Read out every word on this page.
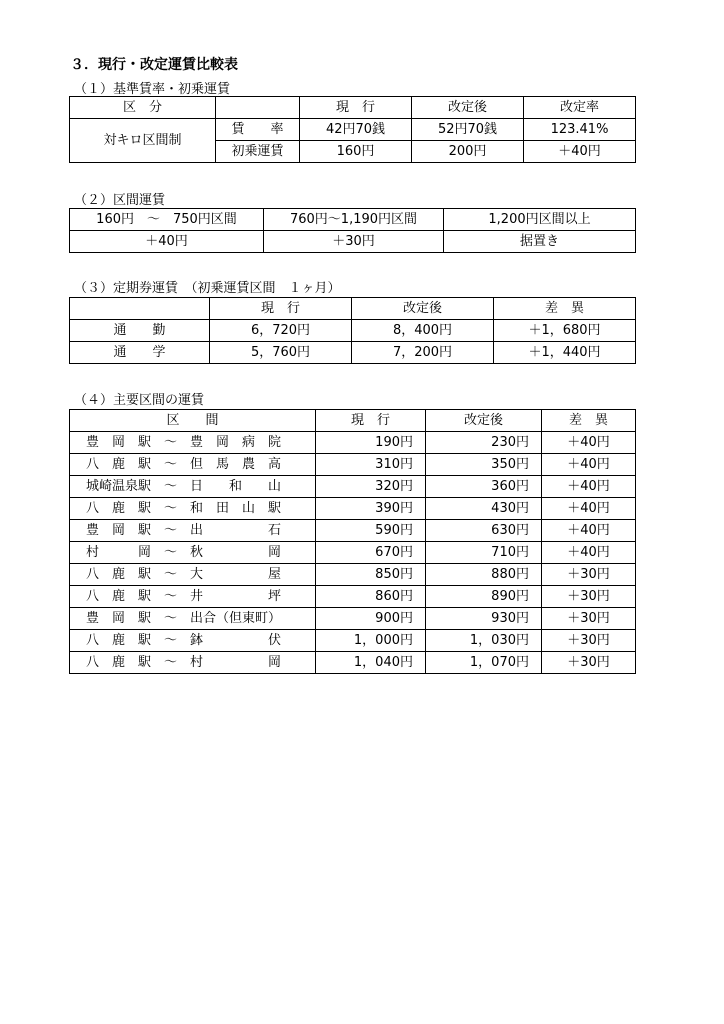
３．現行・改定運賃比較表
（１）基準賃率・初乗運賃
区　分		現　行	改定後	改定率
対キロ区間制	賃　　率	42円70銭	52円70銭	123.41%
	初乗運賃	160円	200円	＋40円
（２）区間運賃
160円　～　750円区間	760円～1,190円区間	1,200円区間以上
＋40円	＋30円	据置き
（３）定期券運賃　（初乗運賃区間　１ヶ月）
	現　行	改定後	差　異
通　　勤	6，720円	8，400円	＋1，680円
通　　学	5，760円	7，200円	＋1，440円
（４）主要区間の運賃
区　　間	現　行	改定後	差　異
豊　岡　駅　～　豊　岡　病　院	190円	230円	＋40円
八　鹿　駅　～　但　馬　農　高	310円	350円	＋40円
城崎温泉駅　～　日　　和　　山	320円	360円	＋40円
八　鹿　駅　～　和　田　山　駅	390円	430円	＋40円
豊　岡　駅　～　出　　　　　石	590円	630円	＋40円
村　　　岡　～　秋　　　　　岡	670円	710円	＋40円
八　鹿　駅　～　大　　　　　屋	850円	880円	＋30円
八　鹿　駅　～　井　　　　　坪	860円	890円	＋30円
豊　岡　駅　～　出合（但東町）	900円	930円	＋30円
八　鹿　駅　～　鉢　　　　　伏	1，000円	1，030円	＋30円
八　鹿　駅　～　村　　　　　岡	1，040円	1，070円	＋30円
